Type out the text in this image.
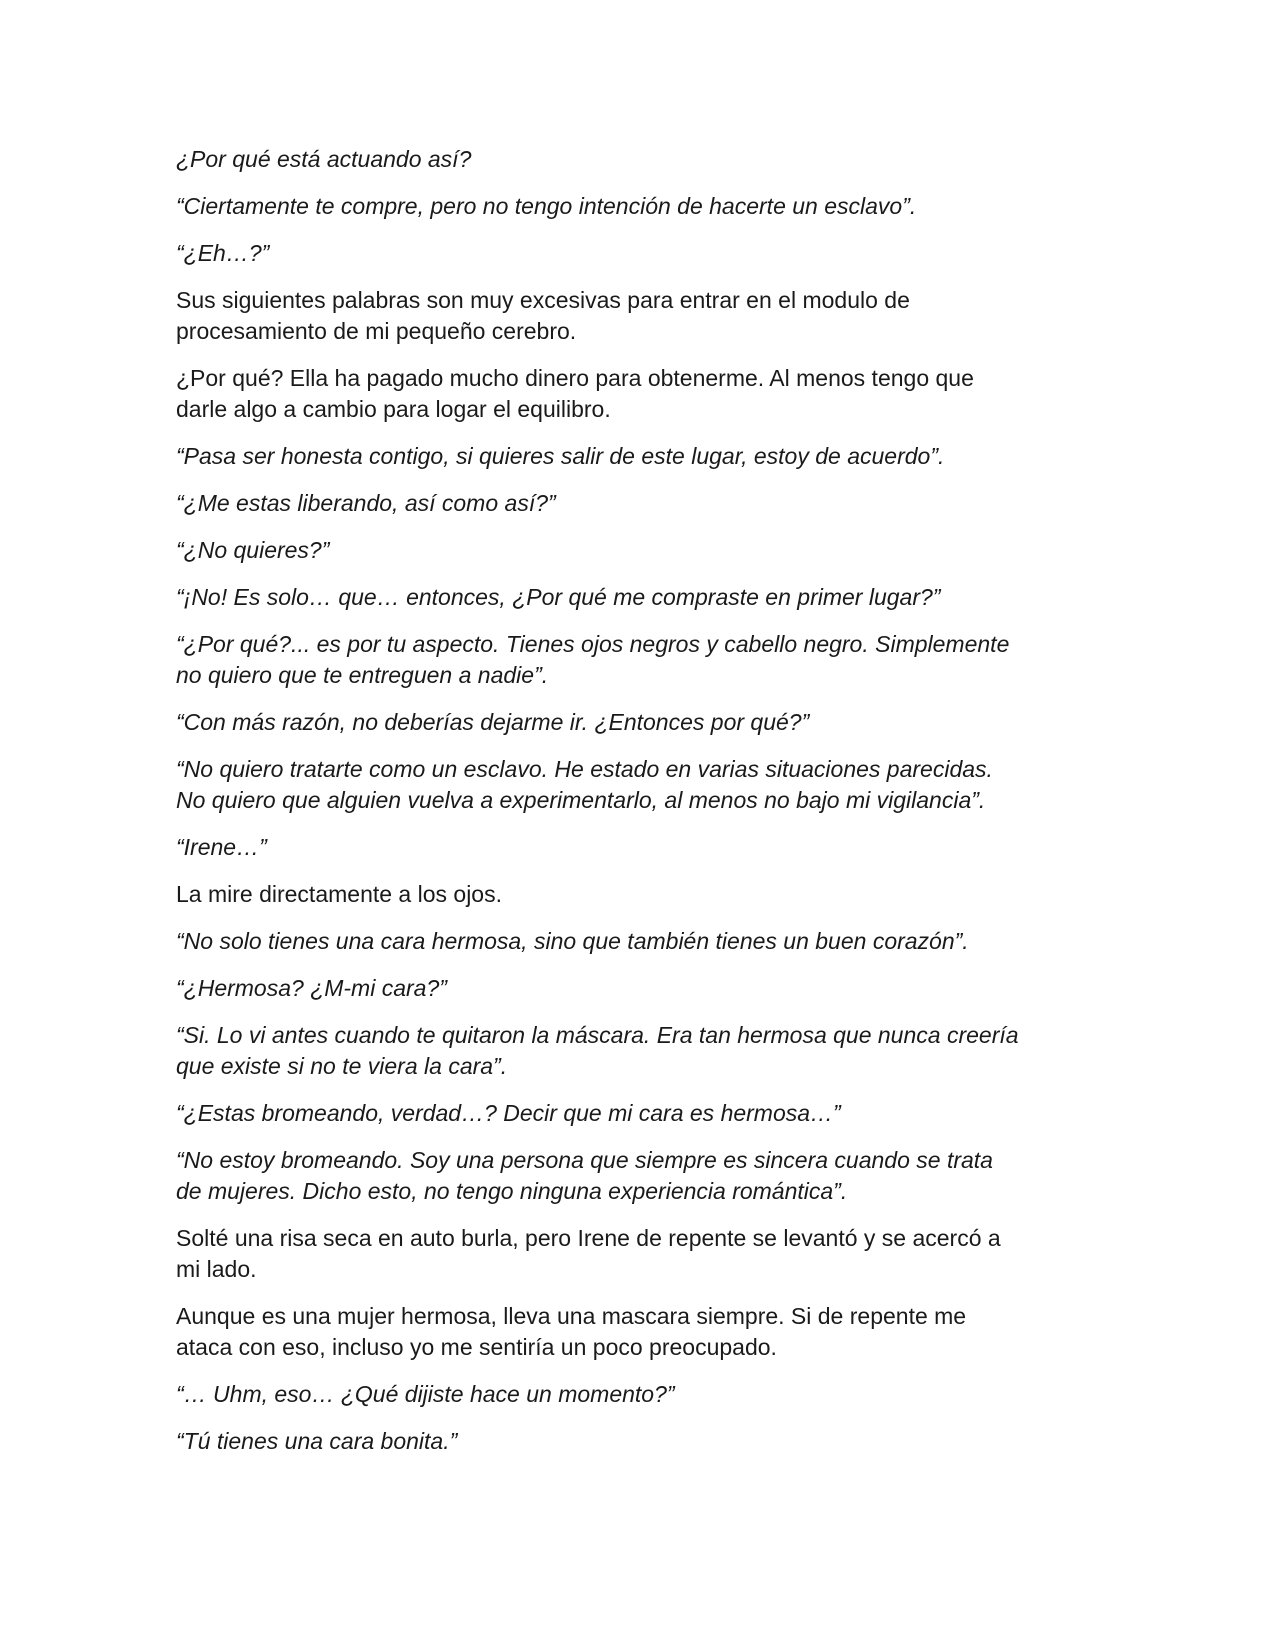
¿Por qué está actuando así?

“Ciertamente te compre, pero no tengo intención de hacerte un esclavo”.

“¿Eh…?”

Sus siguientes palabras son muy excesivas para entrar en el modulo de
procesamiento de mi pequeño cerebro.

¿Por qué? Ella ha pagado mucho dinero para obtenerme. Al menos tengo que
darle algo a cambio para logar el equilibro.

“Pasa ser honesta contigo, si quieres salir de este lugar, estoy de acuerdo”.

“¿Me estas liberando, así como así?”

“¿No quieres?”

“¡No! Es solo… que… entonces, ¿Por qué me compraste en primer lugar?”

“¿Por qué?... es por tu aspecto. Tienes ojos negros y cabello negro. Simplemente
no quiero que te entreguen a nadie”.

“Con más razón, no deberías dejarme ir. ¿Entonces por qué?”

“No quiero tratarte como un esclavo. He estado en varias situaciones parecidas.
No quiero que alguien vuelva a experimentarlo, al menos no bajo mi vigilancia”.

“Irene…”

La mire directamente a los ojos.

“No solo tienes una cara hermosa, sino que también tienes un buen corazón”.

“¿Hermosa? ¿M-mi cara?”

“Si. Lo vi antes cuando te quitaron la máscara. Era tan hermosa que nunca creería
que existe si no te viera la cara”.

“¿Estas bromeando, verdad…? Decir que mi cara es hermosa…”

“No estoy bromeando. Soy una persona que siempre es sincera cuando se trata
de mujeres. Dicho esto, no tengo ninguna experiencia romántica”.

Solté una risa seca en auto burla, pero Irene de repente se levantó y se acercó a
mi lado.

Aunque es una mujer hermosa, lleva una mascara siempre. Si de repente me
ataca con eso, incluso yo me sentiría un poco preocupado.

“… Uhm, eso… ¿Qué dijiste hace un momento?”

“Tú tienes una cara bonita.”
